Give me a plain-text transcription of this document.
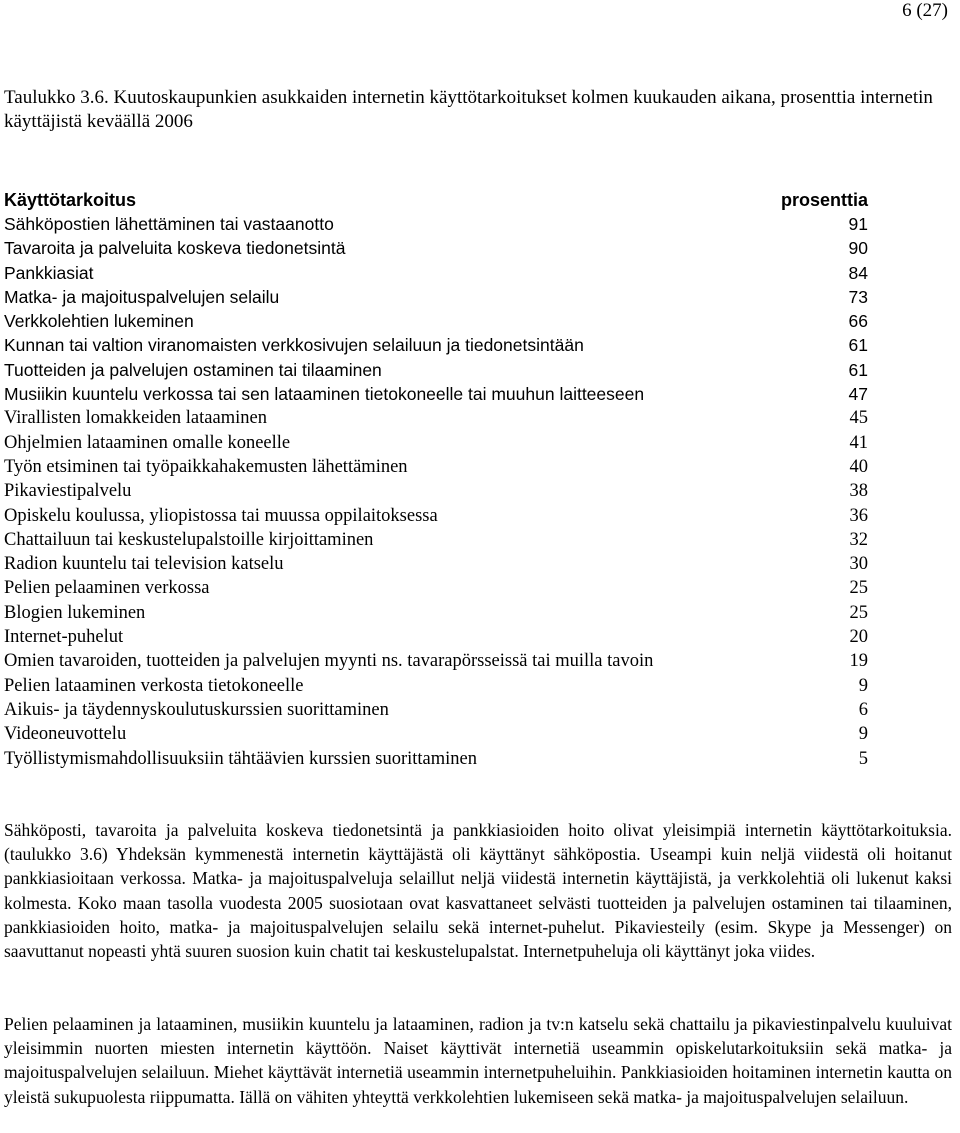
6 (27)
Taulukko 3.6. Kuutoskaupunkien asukkaiden internetin käyttötarkoitukset kolmen kuukauden aikana, prosenttia internetin käyttäjistä keväällä 2006
Käyttötarkoitus	prosenttia
Sähköpostien lähettäminen tai vastaanotto	91
Tavaroita ja palveluita koskeva tiedonetsintä	90
Pankkiasiat	84
Matka- ja majoituspalvelujen selailu	73
Verkkolehtien lukeminen	66
Kunnan tai valtion viranomaisten verkkosivujen selailuun ja tiedonetsintään	61
Tuotteiden ja palvelujen ostaminen tai tilaaminen	61
Musiikin kuuntelu verkossa tai sen lataaminen tietokoneelle tai muuhun laitteeseen	47
Virallisten lomakkeiden lataaminen	45
Ohjelmien lataaminen omalle koneelle	41
Työn etsiminen tai työpaikkahakemusten lähettäminen	40
Pikaviestipalvelu	38
Opiskelu koulussa, yliopistossa tai muussa oppilaitoksessa	36
Chattailuun tai keskustelupalstoille kirjoittaminen	32
Radion kuuntelu tai television katselu	30
Pelien pelaaminen verkossa	25
Blogien lukeminen	25
Internet-puhelut	20
Omien tavaroiden, tuotteiden ja palvelujen myynti ns. tavarapörsseissä tai muilla tavoin	19
Pelien lataaminen verkosta tietokoneelle	9
Aikuis- ja täydennyskoulutuskurssien suorittaminen	6
Videoneuvottelu	9
Työllistymismahdollisuuksiin tähtäävien kurssien suorittaminen	5

Sähköposti, tavaroita ja palveluita koskeva tiedonetsintä ja pankkiasioiden hoito olivat yleisimpiä internetin käyttötarkoituksia. (taulukko 3.6) Yhdeksän kymmenestä internetin käyttäjästä oli käyttänyt sähköpostia. Useampi kuin neljä viidestä oli hoitanut pankkiasioitaan verkossa. Matka- ja majoituspalveluja selaillut neljä viidestä internetin käyttäjistä, ja verkkolehtiä oli lukenut kaksi kolmesta. Koko maan tasolla vuodesta 2005 suosiotaan ovat kasvattaneet selvästi tuotteiden ja palvelujen ostaminen tai tilaaminen, pankkiasioiden hoito, matka- ja majoituspalvelujen selailu sekä internet-puhelut. Pikaviesteily (esim. Skype ja Messenger) on saavuttanut nopeasti yhtä suuren suosion kuin chatit tai keskustelupalstat. Internetpuheluja oli käyttänyt joka viides.

Pelien pelaaminen ja lataaminen, musiikin kuuntelu ja lataaminen, radion ja tv:n katselu sekä chattailu ja pikaviestinpalvelu kuuluivat yleisimmin nuorten miesten internetin käyttöön. Naiset käyttivät internetiä useammin opiskelutarkoituksiin sekä matka- ja majoituspalvelujen selailuun. Miehet käyttävät internetiä useammin internetpuheluihin. Pankkiasioiden hoitaminen internetin kautta on yleistä sukupuolesta riippumatta. Iällä on vähiten yhteyttä verkkolehtien lukemiseen sekä matka- ja majoituspalvelujen selailuun.
